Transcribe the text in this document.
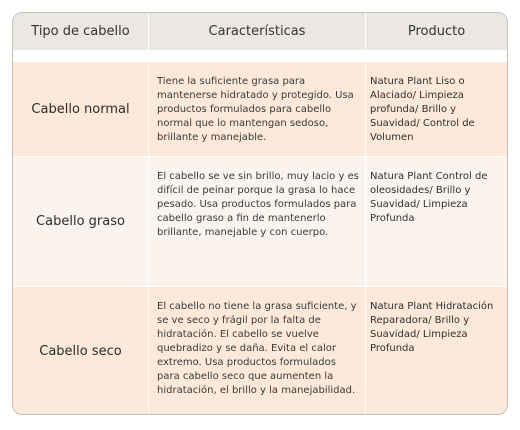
Tipo de cabello	Características	Producto
Cabello normal
Tiene la suficiente grasa para mantenerse hidratado y protegido. Usa productos formulados para cabello normal que lo mantengan sedoso, brillante y manejable.
Natura Plant Liso o Alaciado/ Limpieza profunda/ Brillo y Suavidad/ Control de Volumen
Cabello graso
El cabello se ve sin brillo, muy lacio y es difícil de peinar porque la grasa lo hace pesado. Usa productos formulados para cabello graso a fin de mantenerlo brillante, manejable y con cuerpo.
Natura Plant Control de oleosidades/ Brillo y Suavidad/ Limpieza Profunda
Cabello seco
El cabello no tiene la grasa suficiente, y se ve seco y frágil por la falta de hidratación. El cabello se vuelve quebradizo y se daña. Evita el calor extremo. Usa productos formulados para cabello seco que aumenten la hidratación, el brillo y la manejabilidad.
Natura Plant Hidratación Reparadora/ Brillo y Suavidad/ Limpieza Profunda
